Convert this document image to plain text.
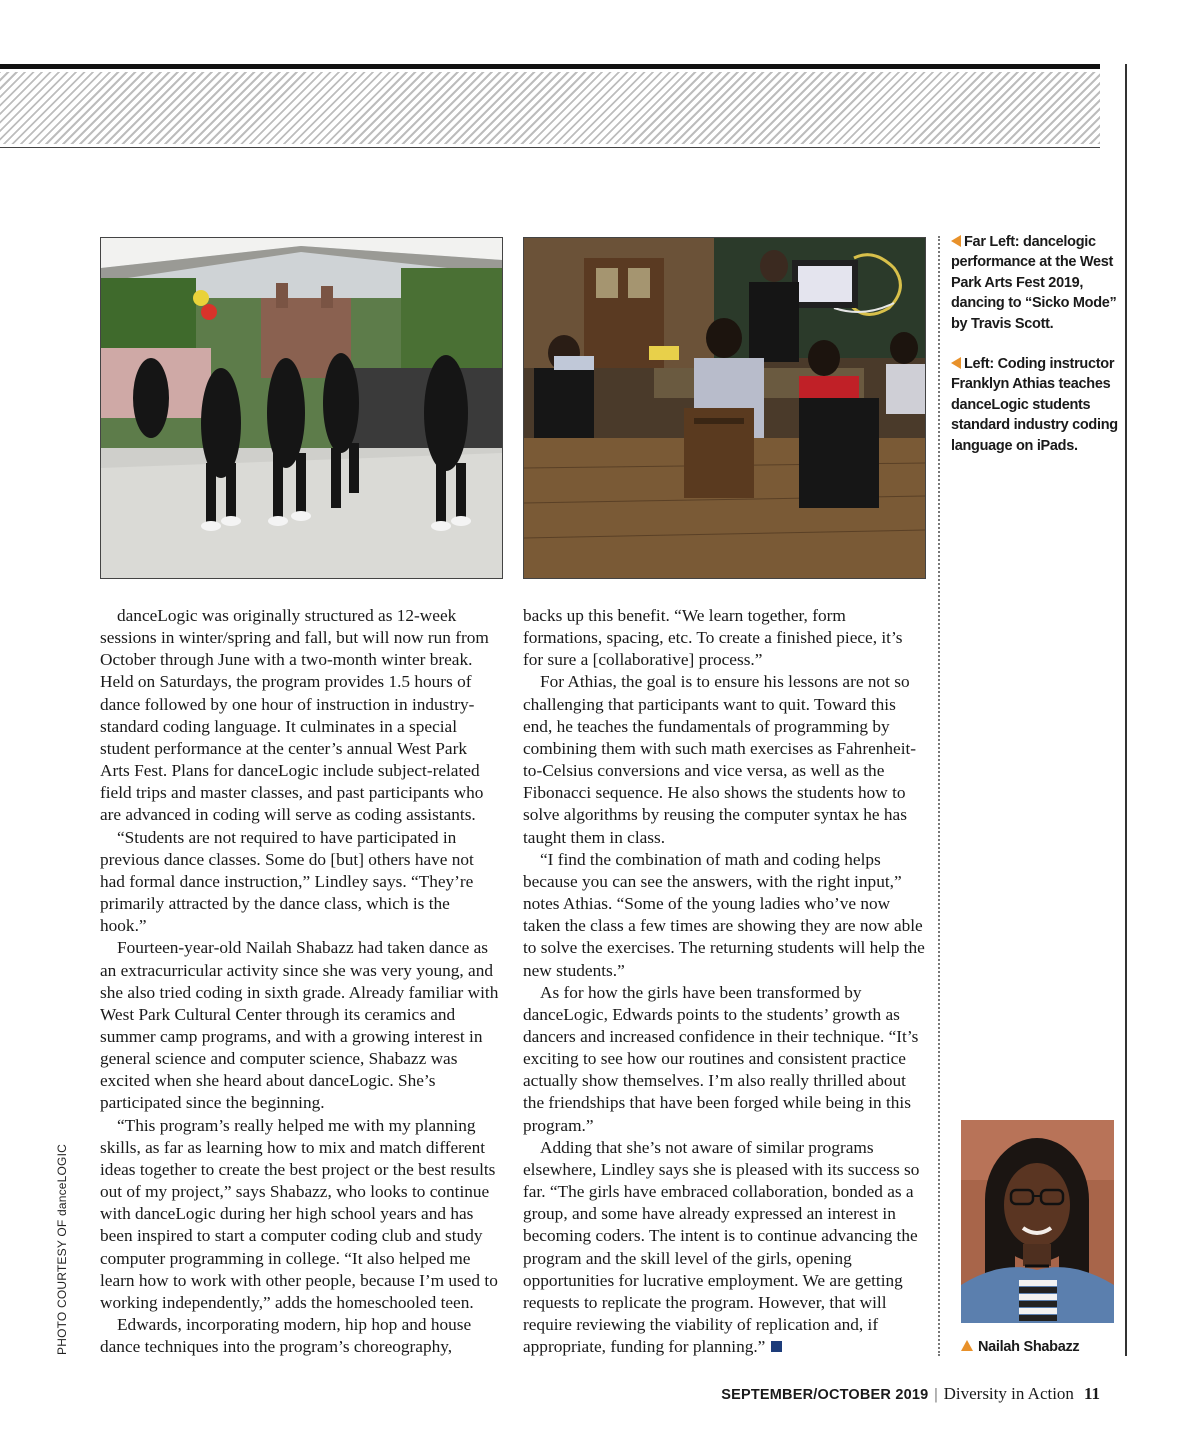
Far Left: dancelogic performance at the West Park Arts Fest 2019, dancing to “Sicko Mode” by Travis Scott.
Left: Coding instructor Franklyn Athias teaches danceLogic students standard industry coding language on iPads.
Nailah Shabazz

danceLogic was originally structured as 12-week sessions in winter/spring and fall, but will now run from October through June with a two-month winter break. Held on Saturdays, the program provides 1.5 hours of dance followed by one hour of instruction in industry-standard coding language. It culminates in a special student performance at the center’s annual West Park Arts Fest. Plans for danceLogic include subject-related field trips and master classes, and past participants who are advanced in coding will serve as coding assistants.

“Students are not required to have participated in previous dance classes. Some do [but] others have not had formal dance instruction,” Lindley says. “They’re primarily attracted by the dance class, which is the hook.”

Fourteen-year-old Nailah Shabazz had taken dance as an extracurricular activity since she was very young, and she also tried coding in sixth grade. Already familiar with West Park Cultural Center through its ceramics and summer camp programs, and with a growing interest in general science and computer science, Shabazz was excited when she heard about danceLogic. She’s participated since the beginning.

“This program’s really helped me with my planning skills, as far as learning how to mix and match different ideas together to create the best project or the best results out of my project,” says Shabazz, who looks to continue with danceLogic during her high school years and has been inspired to start a computer coding club and study computer programming in college. “It also helped me learn how to work with other people, because I’m used to working independently,” adds the homeschooled teen.

Edwards, incorporating modern, hip hop and house dance techniques into the program’s choreography,

backs up this benefit. “We learn together, form formations, spacing, etc. To create a finished piece, it’s for sure a [collaborative] process.”

For Athias, the goal is to ensure his lessons are not so challenging that participants want to quit. Toward this end, he teaches the fundamentals of programming by combining them with such math exercises as Fahrenheit-to-Celsius conversions and vice versa, as well as the Fibonacci sequence. He also shows the students how to solve algorithms by reusing the computer syntax he has taught them in class.

“I find the combination of math and coding helps because you can see the answers, with the right input,” notes Athias. “Some of the young ladies who’ve now taken the class a few times are showing they are now able to solve the exercises. The returning students will help the new students.”

As for how the girls have been transformed by danceLogic, Edwards points to the students’ growth as dancers and increased confidence in their technique. “It’s exciting to see how our routines and consistent practice actually show themselves. I’m also really thrilled about the friendships that have been forged while being in this program.”

Adding that she’s not aware of similar programs elsewhere, Lindley says she is pleased with its success so far. “The girls have embraced collaboration, bonded as a group, and some have already expressed an interest in becoming coders. The intent is to continue advancing the program and the skill level of the girls, opening opportunities for lucrative employment. We are getting requests to replicate the program. However, that will require reviewing the viability of replication and, if appropriate, funding for planning.”

PHOTO COURTESY OF danceLOGIC
SEPTEMBER/OCTOBER 2019 | Diversity in Action 11
